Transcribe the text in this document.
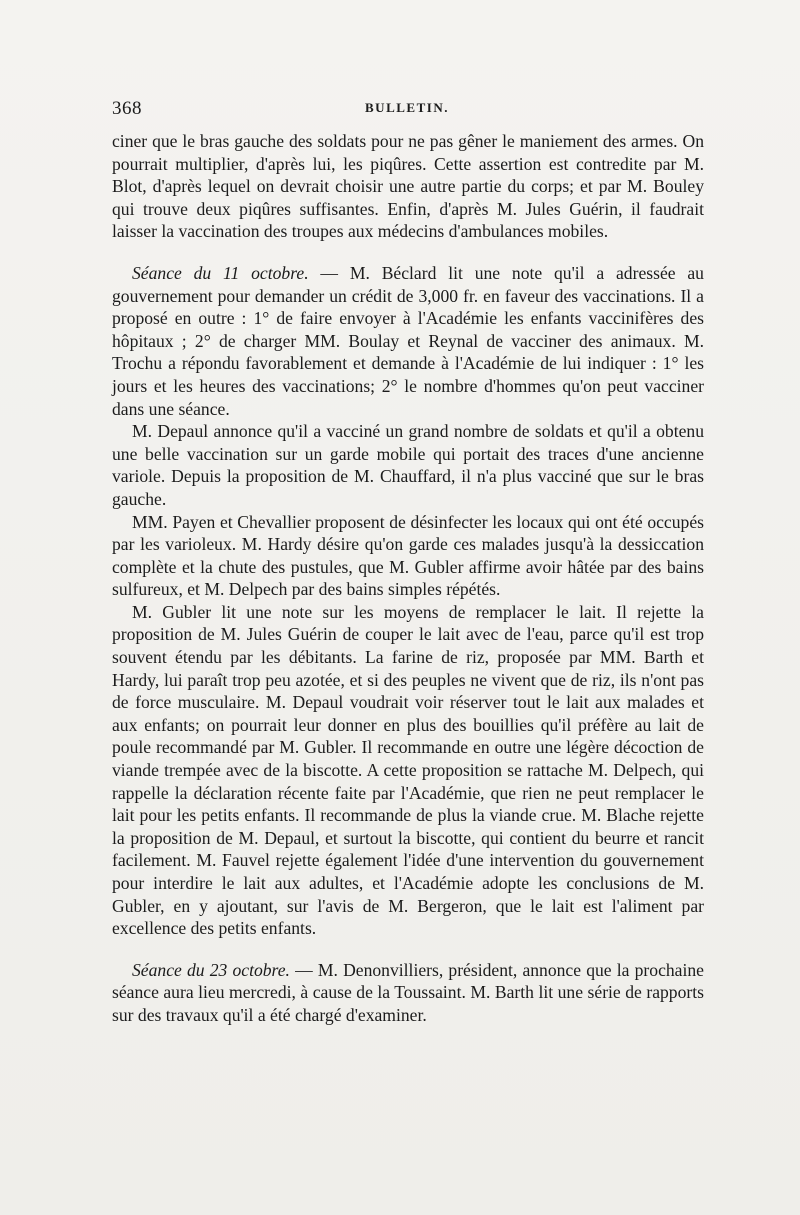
368	BULLETIN.

ciner que le bras gauche des soldats pour ne pas gêner le maniement des armes. On pourrait multiplier, d'après lui, les piqûres. Cette assertion est contredite par M. Blot, d'après lequel on devrait choisir une autre partie du corps; et par M. Bouley qui trouve deux piqûres suffisantes. Enfin, d'après M. Jules Guérin, il faudrait laisser la vaccination des troupes aux médecins d'ambulances mobiles.

Séance du 11 octobre. — M. Béclard lit une note qu'il a adressée au gouvernement pour demander un crédit de 3,000 fr. en faveur des vaccinations. Il a proposé en outre : 1° de faire envoyer à l'Académie les enfants vaccinifères des hôpitaux ; 2° de charger MM. Boulay et Reynal de vacciner des animaux. M. Trochu a répondu favorablement et demande à l'Académie de lui indiquer : 1° les jours et les heures des vaccinations; 2° le nombre d'hommes qu'on peut vacciner dans une séance.

M. Depaul annonce qu'il a vacciné un grand nombre de soldats et qu'il a obtenu une belle vaccination sur un garde mobile qui portait des traces d'une ancienne variole. Depuis la proposition de M. Chauffard, il n'a plus vacciné que sur le bras gauche.

MM. Payen et Chevallier proposent de désinfecter les locaux qui ont été occupés par les varioleux. M. Hardy désire qu'on garde ces malades jusqu'à la dessiccation complète et la chute des pustules, que M. Gubler affirme avoir hâtée par des bains sulfureux, et M. Delpech par des bains simples répétés.

M. Gubler lit une note sur les moyens de remplacer le lait. Il rejette la proposition de M. Jules Guérin de couper le lait avec de l'eau, parce qu'il est trop souvent étendu par les débitants. La farine de riz, proposée par MM. Barth et Hardy, lui paraît trop peu azotée, et si des peuples ne vivent que de riz, ils n'ont pas de force musculaire. M. Depaul voudrait voir réserver tout le lait aux malades et aux enfants; on pourrait leur donner en plus des bouillies qu'il préfère au lait de poule recommandé par M. Gubler. Il recommande en outre une légère décoction de viande trempée avec de la biscotte. A cette proposition se rattache M. Delpech, qui rappelle la déclaration récente faite par l'Académie, que rien ne peut remplacer le lait pour les petits enfants. Il recommande de plus la viande crue. M. Blache rejette la proposition de M. Depaul, et surtout la biscotte, qui contient du beurre et rancit facilement. M. Fauvel rejette également l'idée d'une intervention du gouvernement pour interdire le lait aux adultes, et l'Académie adopte les conclusions de M. Gubler, en y ajoutant, sur l'avis de M. Bergeron, que le lait est l'aliment par excellence des petits enfants.

Séance du 23 octobre. — M. Denonvilliers, président, annonce que la prochaine séance aura lieu mercredi, à cause de la Toussaint. M. Barth lit une série de rapports sur des travaux qu'il a été chargé d'examiner.
